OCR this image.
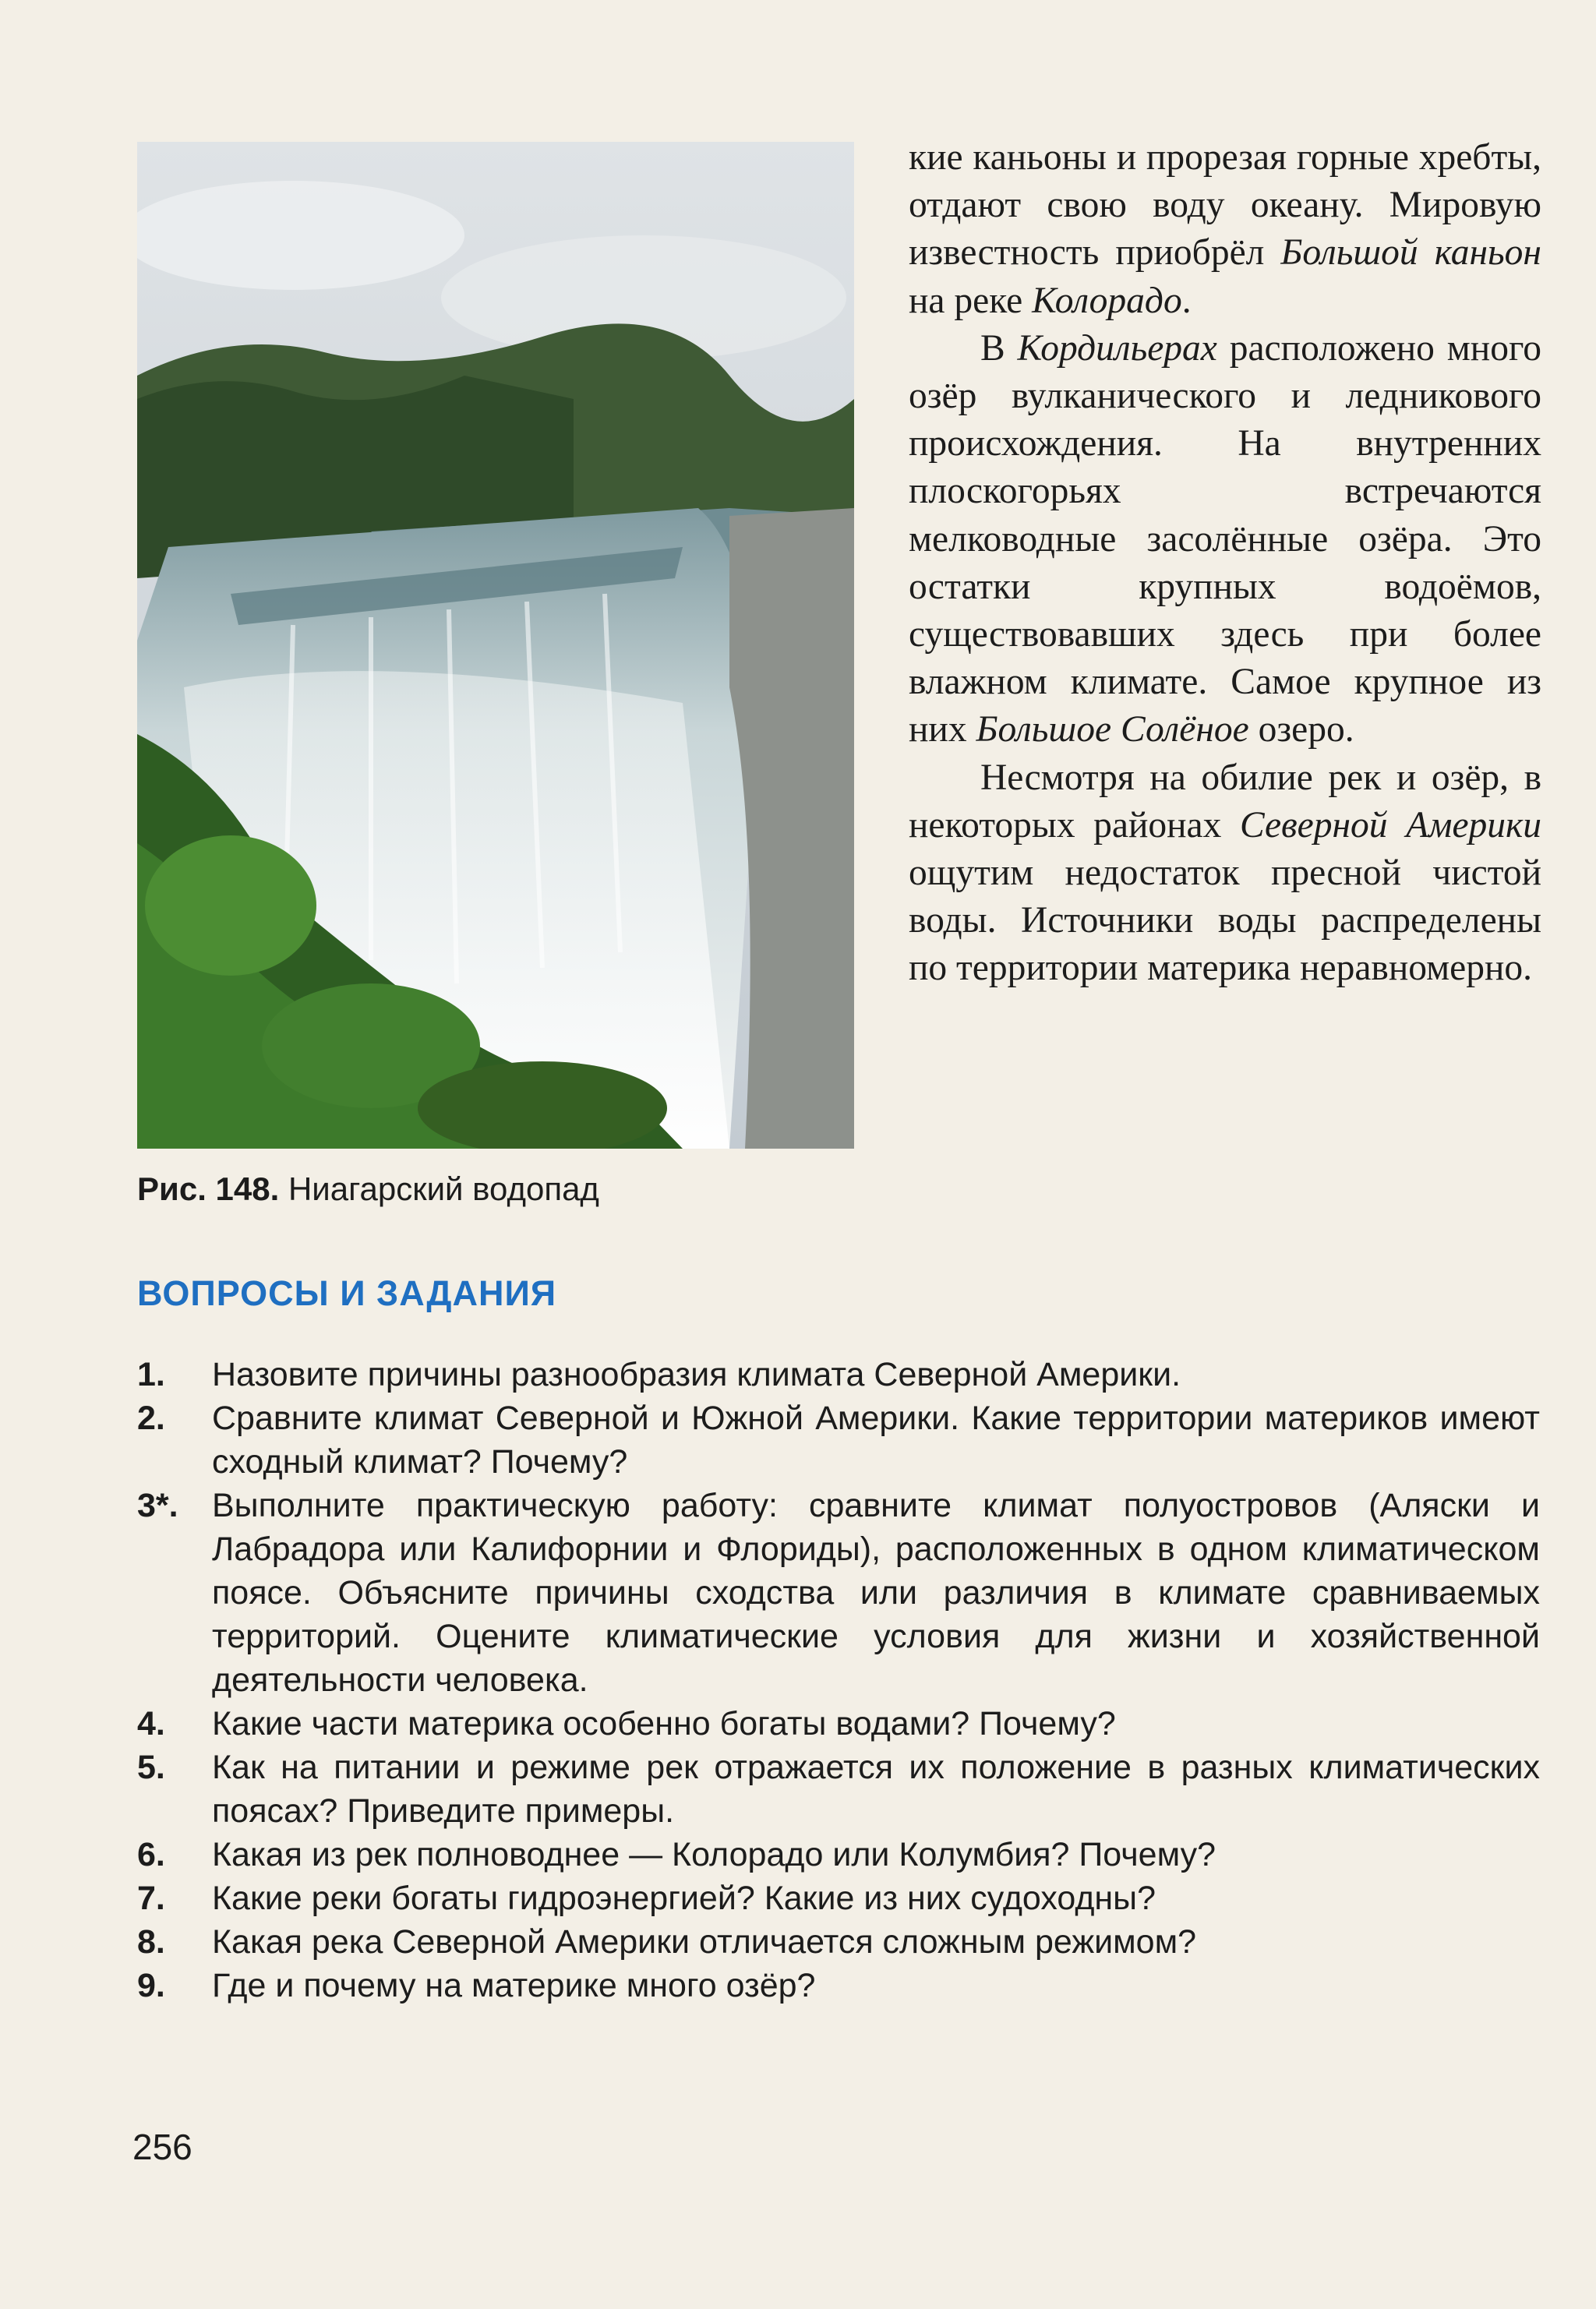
Рис. 148. Ниагарский водопад

кие каньоны и прорезая горные хребты, отдают свою воду океану. Мировую известность приобрёл Большой каньон на реке Колорадо.

В Кордильерах расположено много озёр вулканического и ледникового происхождения. На внутренних плоскогорьях встречаются мелководные засолённые озёра. Это остатки крупных водоёмов, существовавших здесь при более влажном климате. Самое крупное из них Большое Солёное озеро.

Несмотря на обилие рек и озёр, в некоторых районах Северной Америки ощутим недостаток пресной чистой воды. Источники воды распределены по территории материка неравномерно.

ВОПРОСЫ И ЗАДАНИЯ
1. Назовите причины разнообразия климата Северной Америки.
2. Сравните климат Северной и Южной Америки. Какие территории материков имеют сходный климат? Почему?
3*. Выполните практическую работу: сравните климат полуостровов (Аляски и Лабрадора или Калифорнии и Флориды), расположенных в одном климатическом поясе. Объясните причины сходства или различия в климате сравниваемых территорий. Оцените климатические условия для жизни и хозяйственной деятельности человека.
4. Какие части материка особенно богаты водами? Почему?
5. Как на питании и режиме рек отражается их положение в разных климатических поясах? Приведите примеры.
6. Какая из рек полноводнее — Колорадо или Колумбия? Почему?
7. Какие реки богаты гидроэнергией? Какие из них судоходны?
8. Какая река Северной Америки отличается сложным режимом?
9. Где и почему на материке много озёр?
256
